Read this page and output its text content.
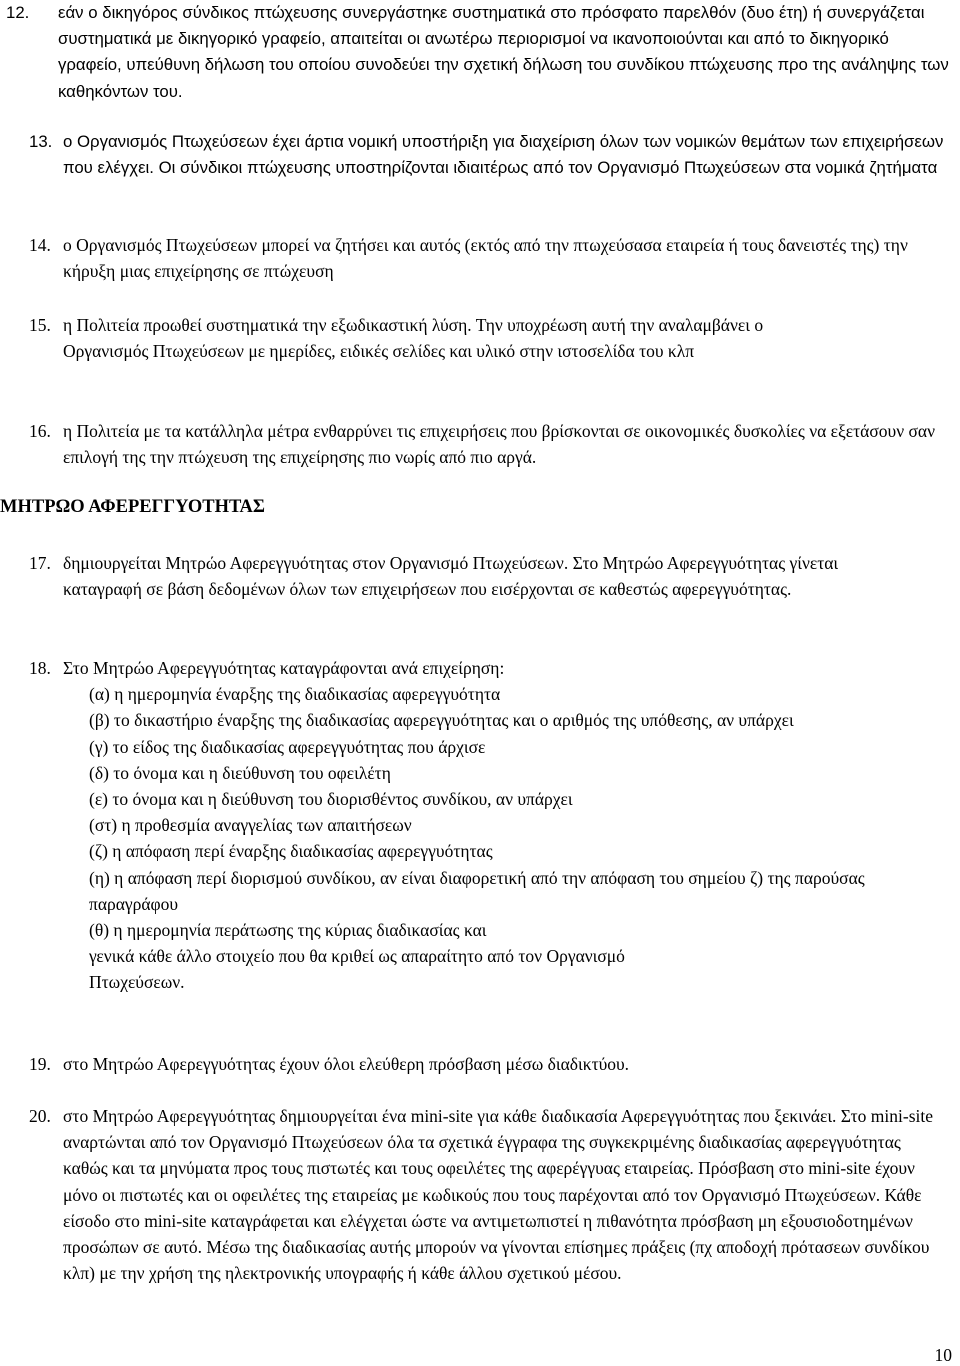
12. εάν ο δικηγόρος σύνδικος πτώχευσης συνεργάστηκε συστηματικά στο πρόσφατο παρελθόν (δυο έτη) ή συνεργάζεται συστηματικά με δικηγορικό γραφείο, απαιτείται οι ανωτέρω περιορισμοί να ικανοποιούνται και από το δικηγορικό γραφείο, υπεύθυνη δήλωση του οποίου συνοδεύει την σχετική δήλωση του συνδίκου πτώχευσης προ της ανάληψης των καθηκόντων του.
13. ο Οργανισμός Πτωχεύσεων έχει άρτια νομική υποστήριξη για διαχείριση όλων των νομικών θεμάτων των επιχειρήσεων που ελέγχει. Οι σύνδικοι πτώχευσης υποστηρίζονται ιδιαιτέρως από τον Οργανισμό Πτωχεύσεων στα νομικά ζητήματα
14. ο Οργανισμός Πτωχεύσεων μπορεί να ζητήσει και αυτός (εκτός από την πτωχεύσασα εταιρεία ή τους δανειστές της) την κήρυξη μιας επιχείρησης σε πτώχευση
15. η Πολιτεία προωθεί συστηματικά την εξωδικαστική λύση. Την υποχρέωση αυτή την αναλαμβάνει ο Οργανισμός Πτωχεύσεων με ημερίδες, ειδικές σελίδες και υλικό στην ιστοσελίδα του κλπ
16. η Πολιτεία με τα κατάλληλα μέτρα ενθαρρύνει τις επιχειρήσεις που βρίσκονται σε οικονομικές δυσκολίες να εξετάσουν σαν επιλογή της την πτώχευση της επιχείρησης πιο νωρίς από πιο αργά.
ΜΗΤΡΩΟ ΑΦΕΡΕΓΓΥΟΤΗΤΑΣ
17. δημιουργείται Μητρώο Αφερεγγυότητας στον Οργανισμό Πτωχεύσεων. Στο Μητρώο Αφερεγγυότητας γίνεται καταγραφή σε βάση δεδομένων όλων των επιχειρήσεων που εισέρχονται σε καθεστώς αφερεγγυότητας.
18. Στο Μητρώο Αφερεγγυότητας καταγράφονται ανά επιχείρηση:
(α) η ημερομηνία έναρξης της διαδικασίας αφερεγγυότητα
(β) το δικαστήριο έναρξης της διαδικασίας αφερεγγυότητας και ο αριθμός της υπόθεσης, αν υπάρχει
(γ) το είδος της διαδικασίας αφερεγγυότητας που άρχισε
(δ) το όνομα και η διεύθυνση του οφειλέτη
(ε) το όνομα και η διεύθυνση του διορισθέντος συνδίκου, αν υπάρχει
(στ) η προθεσμία αναγγελίας των απαιτήσεων
(ζ) η απόφαση περί έναρξης διαδικασίας αφερεγγυότητας
(η) η απόφαση περί διορισμού συνδίκου, αν είναι διαφορετική από την απόφαση του σημείου ζ) της παρούσας παραγράφου
(θ) η ημερομηνία περάτωσης της κύριας διαδικασίας και
γενικά κάθε άλλο στοιχείο που θα κριθεί ως απαραίτητο από τον Οργανισμό Πτωχεύσεων.
19. στο Μητρώο Αφερεγγυότητας έχουν όλοι ελεύθερη πρόσβαση μέσω διαδικτύου.
20. στο Μητρώο Αφερεγγυότητας δημιουργείται ένα mini-site για κάθε διαδικασία Αφερεγγυότητας που ξεκινάει. Στο mini-site αναρτώνται από τον Οργανισμό Πτωχεύσεων όλα τα σχετικά έγγραφα της συγκεκριμένης διαδικασίας αφερεγγυότητας καθώς και τα μηνύματα προς τους πιστωτές και τους οφειλέτες της αφερέγγυας εταιρείας. Πρόσβαση στο mini-site έχουν μόνο οι πιστωτές και οι οφειλέτες της εταιρείας με κωδικούς που τους παρέχονται από τον Οργανισμό Πτωχεύσεων. Κάθε είσοδο στο mini-site καταγράφεται και ελέγχεται ώστε να αντιμετωπιστεί η πιθανότητα πρόσβαση μη εξουσιοδοτημένων προσώπων σε αυτό. Μέσω της διαδικασίας αυτής μπορούν να γίνονται επίσημες πράξεις (πχ αποδοχή πρότασεων συνδίκου κλπ) με την χρήση της ηλεκτρονικής υπογραφής ή κάθε άλλου σχετικού μέσου.
10
